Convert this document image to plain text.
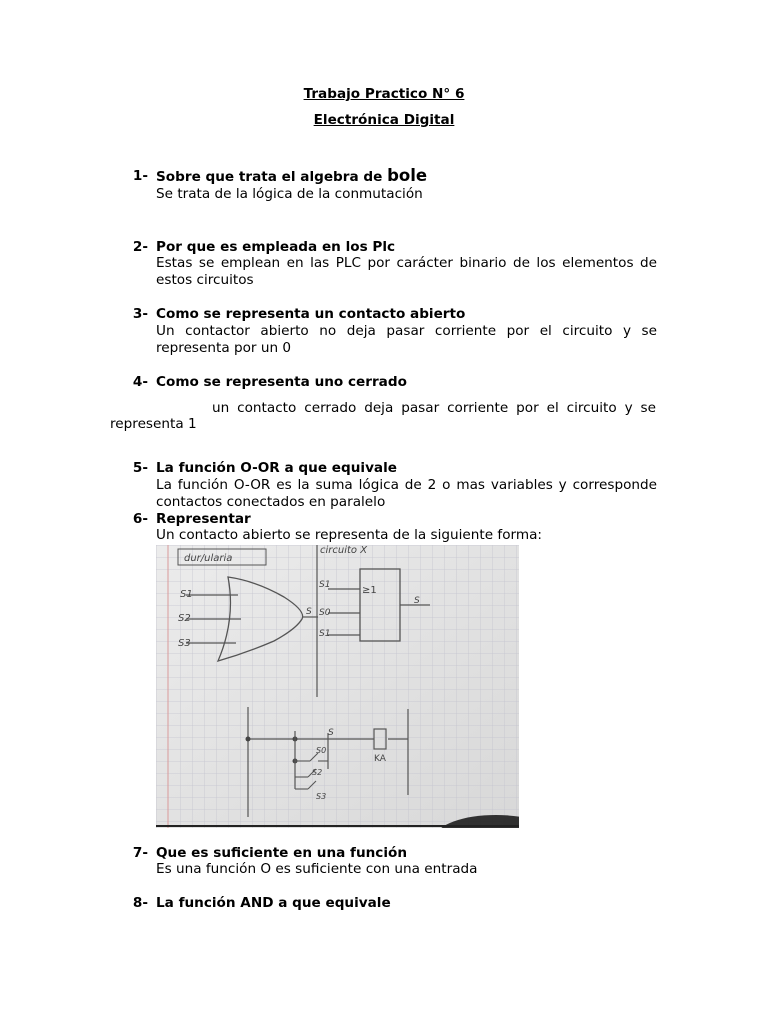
Trabajo Practico N° 6
Electrónica Digital
1- Sobre que trata el algebra de bole
Se trata de la lógica de la conmutación
2- Por que es empleada en los Plc
Estas se emplean en las PLC por carácter binario de los elementos de estos circuitos
3- Como se representa un contacto abierto
Un contactor abierto no deja pasar corriente por el circuito y se representa por un 0
4- Como se representa uno cerrado
un contacto cerrado deja pasar corriente por el circuito y se
representa 1
5- La función O-OR a que equivale
La función O-OR es la suma lógica de 2 o mas variables y corresponde contactos conectados en paralelo
6- Representar
Un contacto abierto se representa de la siguiente forma:
dur/ularia
circuito X
S1
S2
S3
S
≥1
S1
S0
S1
S
S
KA
S0
S2
S3
7- Que es suficiente en una función
Es una función O es suficiente con una entrada
8- La función AND a que equivale
